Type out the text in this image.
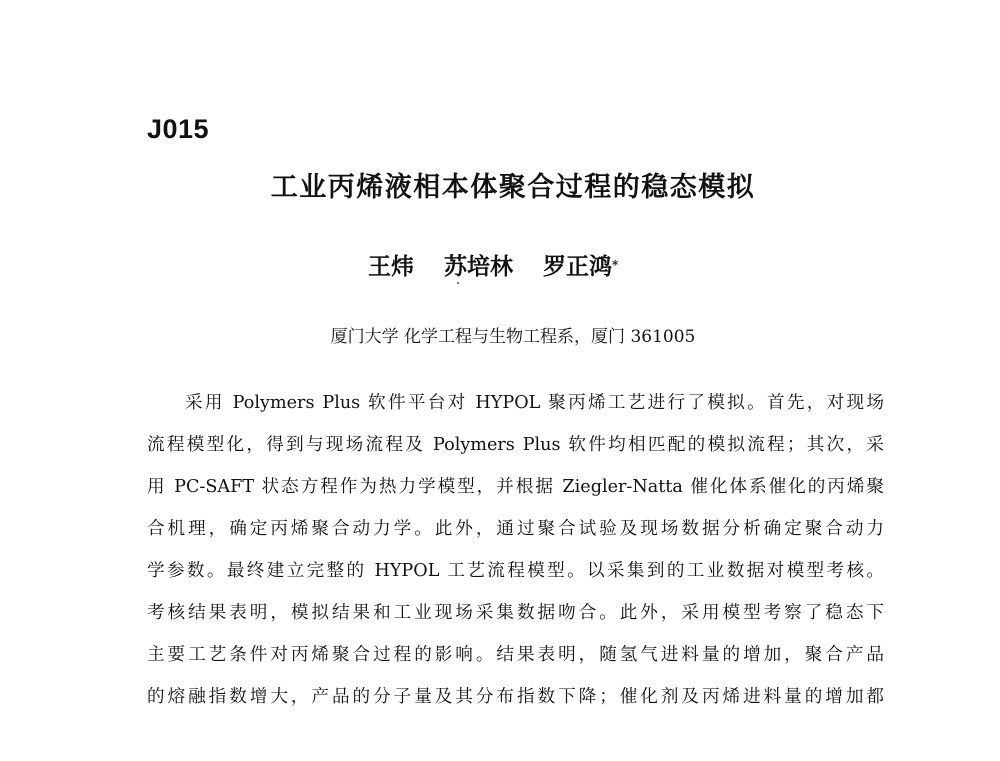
J015
工业丙烯液相本体聚合过程的稳态模拟
王炜 苏培林 罗正鸿*
厦门大学 化学工程与生物工程系，厦门 361005
采用 Polymers Plus 软件平台对 HYPOL 聚丙烯工艺进行了模拟。首先，对现场
流程模型化，得到与现场流程及 Polymers Plus 软件均相匹配的模拟流程；其次，采
用 PC-SAFT 状态方程作为热力学模型，并根据 Ziegler-Natta 催化体系催化的丙烯聚
合机理，确定丙烯聚合动力学。此外，通过聚合试验及现场数据分析确定聚合动力
学参数。最终建立完整的 HYPOL 工艺流程模型。以采集到的工业数据对模型考核。
考核结果表明，模拟结果和工业现场采集数据吻合。此外，采用模型考察了稳态下
主要工艺条件对丙烯聚合过程的影响。结果表明，随氢气进料量的增加，聚合产品
的熔融指数增大，产品的分子量及其分布指数下降；催化剂及丙烯进料量的增加都
